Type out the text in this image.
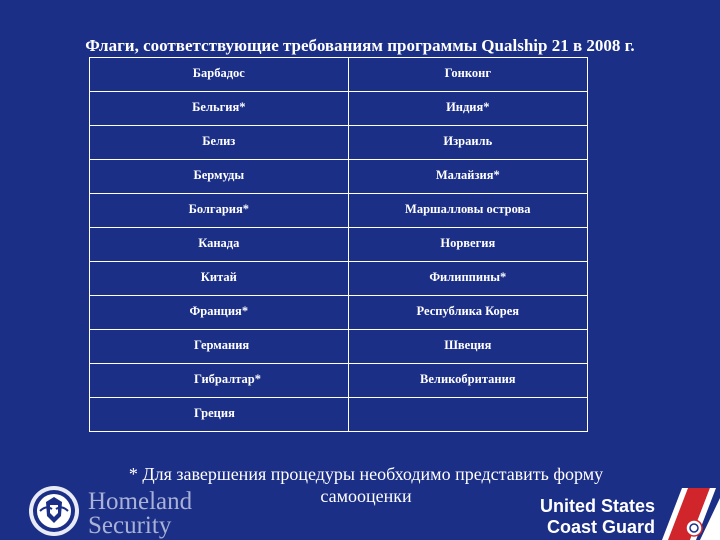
Флаги, соответствующие требованиям программы Qualship 21 в 2008 г.
Барбадос	Гонконг

Бельгия*	Индия*

Белиз	Израиль

Бермуды	Малайзия*

Болгария*	Маршалловы острова

Канада	Норвегия

Китай	Филиппины*

Франция*	Республика Корея

Германия	Швеция

Гибралтар*	Великобритания

Греция	

* Для завершения процедуры необходимо представить форму
самооценки
Homeland
Security
United States
Coast Guard
